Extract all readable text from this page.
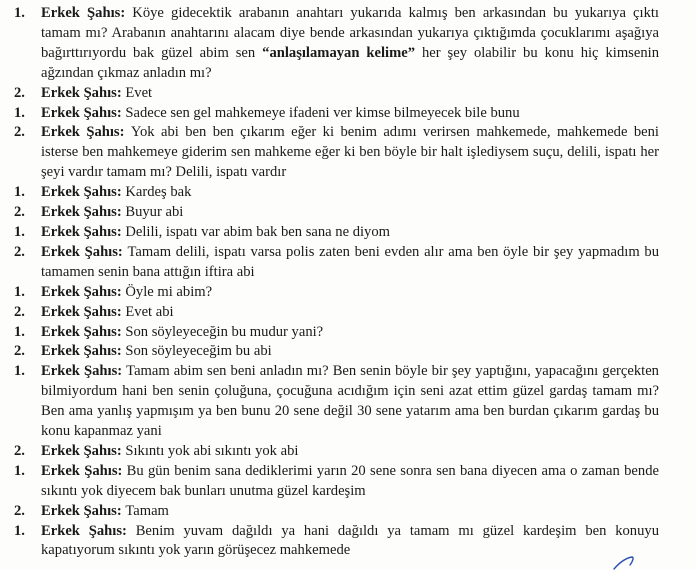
1. Erkek Şahıs: Köye gidecektik arabanın anahtarı yukarıda kalmış ben arkasından bu yukarıya çıktı tamam mı? Arabanın anahtarını alacam diye bende arkasından yukarıya çıktığımda çocuklarımı aşağıya bağırttırıyordu bak güzel abim sen “anlaşılamayan kelime” her şey olabilir bu konu hiç kimsenin ağzından çıkmaz anladın mı?
2. Erkek Şahıs: Evet
1. Erkek Şahıs: Sadece sen gel mahkemeye ifadeni ver kimse bilmeyecek bile bunu
2. Erkek Şahıs: Yok abi ben ben çıkarım eğer ki benim adımı verirsen mahkemede, mahkemede beni isterse ben mahkemeye giderim sen mahkeme eğer ki ben böyle bir halt işlediysem suçu, delili, ispatı her şeyi vardır tamam mı? Delili, ispatı vardır
1. Erkek Şahıs: Kardeş bak
2. Erkek Şahıs: Buyur abi
1. Erkek Şahıs: Delili, ispatı var abim bak ben sana ne diyom
2. Erkek Şahıs: Tamam delili, ispatı varsa polis zaten beni evden alır ama ben öyle bir şey yapmadım bu tamamen senin bana attığın iftira abi
1. Erkek Şahıs: Öyle mi abim?
2. Erkek Şahıs: Evet abi
1. Erkek Şahıs: Son söyleyeceğin bu mudur yani?
2. Erkek Şahıs: Son söyleyeceğim bu abi
1. Erkek Şahıs: Tamam abim sen beni anladın mı? Ben senin böyle bir şey yaptığını, yapacağını gerçekten bilmiyordum hani ben senin çoluğuna, çocuğuna acıdığım için seni azat ettim güzel gardaş tamam mı? Ben ama yanlış yapmışım ya ben bunu 20 sene değil 30 sene yatarım ama ben burdan çıkarım gardaş bu konu kapanmaz yani
2. Erkek Şahıs: Sıkıntı yok abi sıkıntı yok abi
1. Erkek Şahıs: Bu gün benim sana dediklerimi yarın 20 sene sonra sen bana diyecen ama o zaman bende sıkıntı yok diyecem bak bunları unutma güzel kardeşim
2. Erkek Şahıs: Tamam
1. Erkek Şahıs: Benim yuvam dağıldı ya hani dağıldı ya tamam mı güzel kardeşim ben konuyu kapatıyorum sıkıntı yok yarın görüşecez mahkemede
